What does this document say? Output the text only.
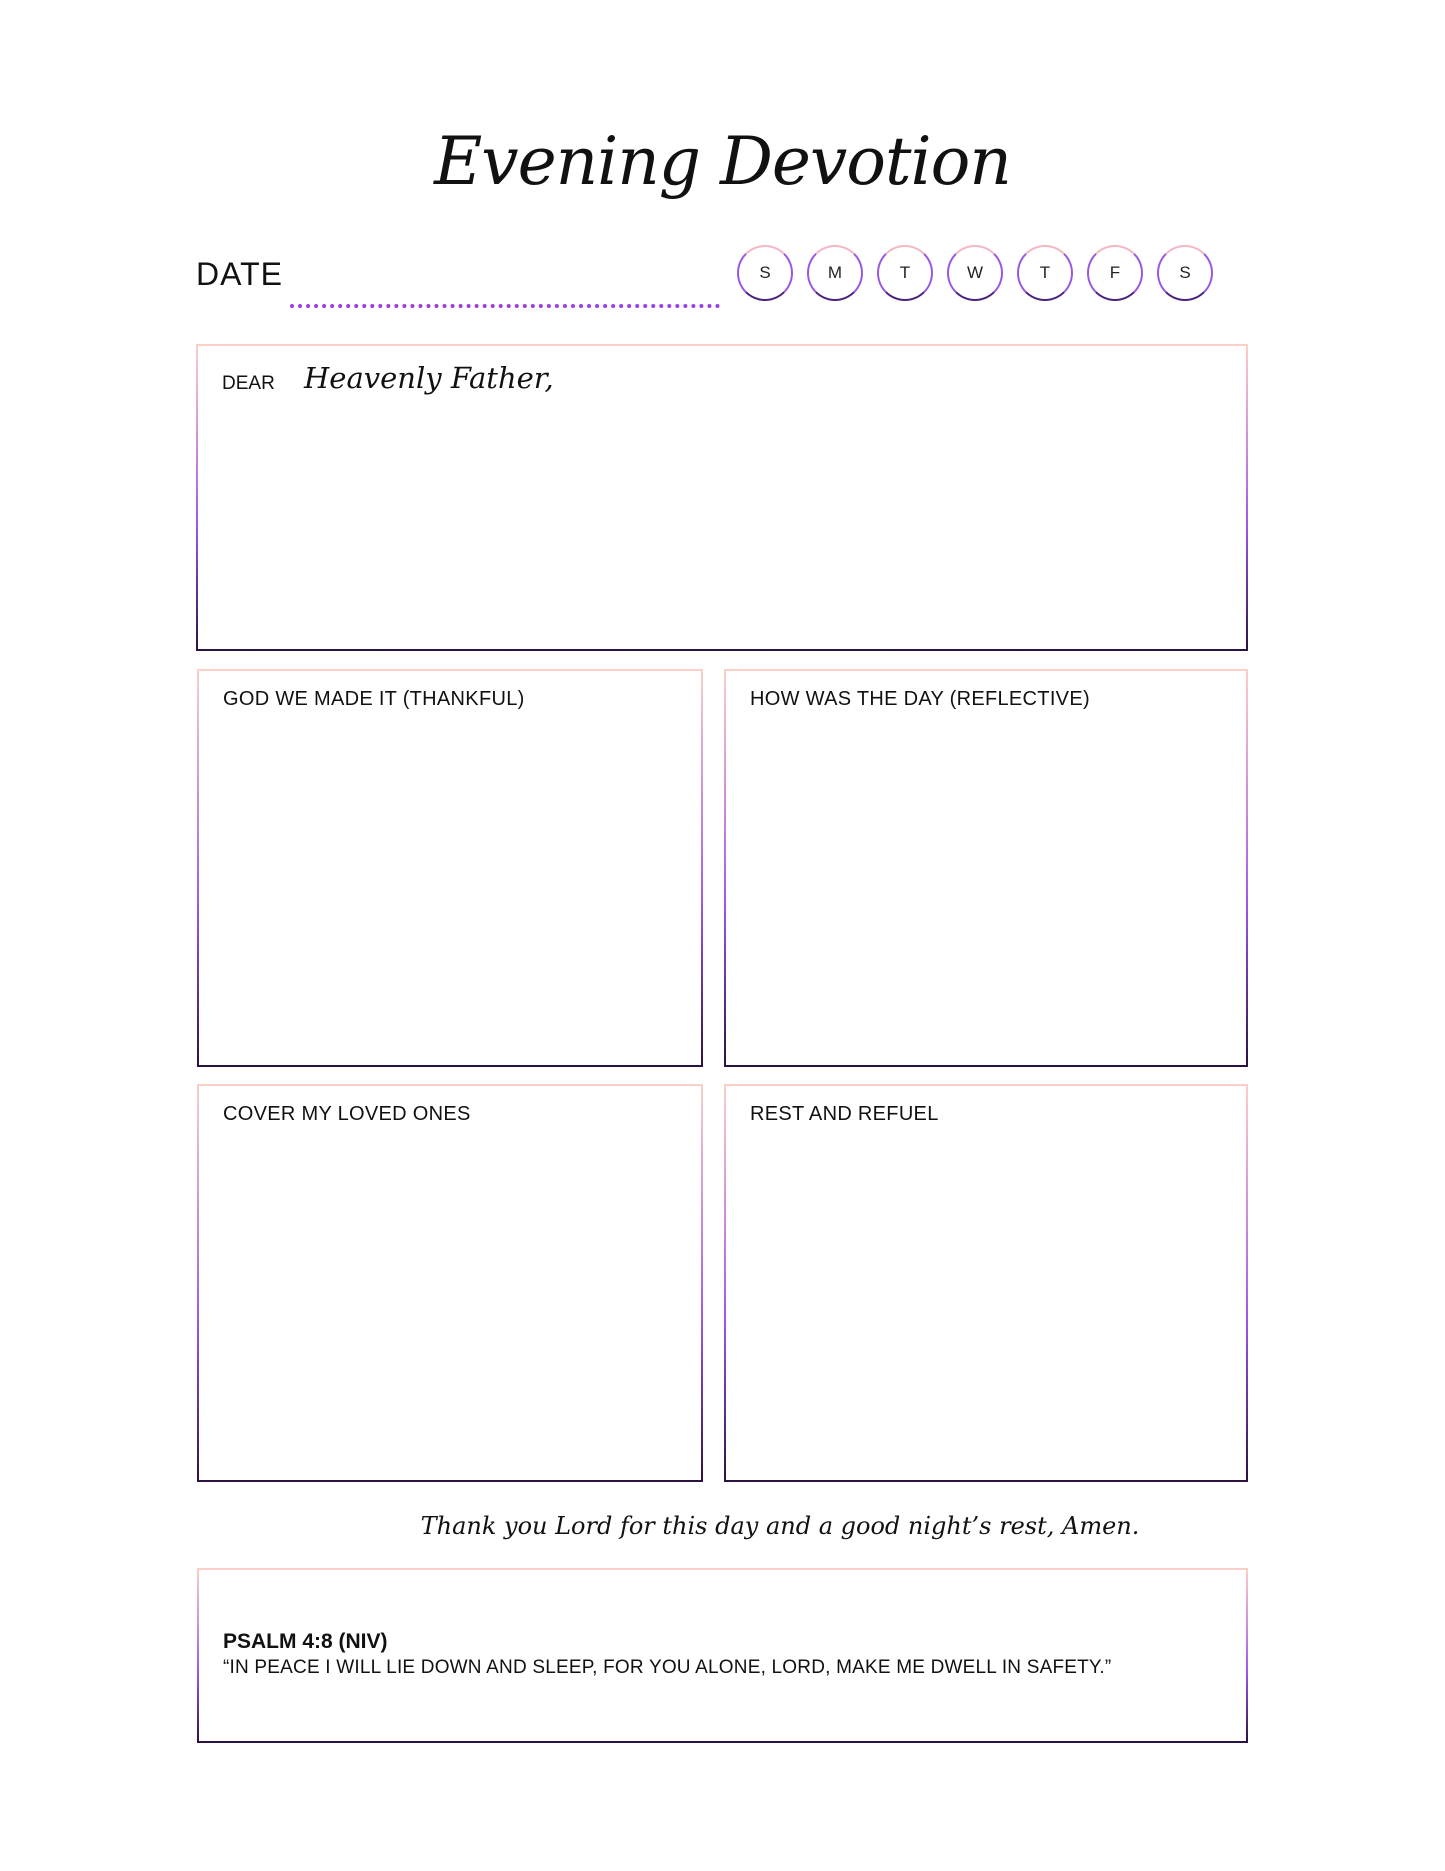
Evening Devotion
DATE	S	M	T	W	T	F	S
DEAR Heavenly Father,
GOD WE MADE IT (THANKFUL)	HOW WAS THE DAY (REFLECTIVE)
COVER MY LOVED ONES	REST AND REFUEL
Thank you Lord for this day and a good night’s rest, Amen.
PSALM 4:8 (NIV)
“IN PEACE I WILL LIE DOWN AND SLEEP, FOR YOU ALONE, LORD, MAKE ME DWELL IN SAFETY.”
